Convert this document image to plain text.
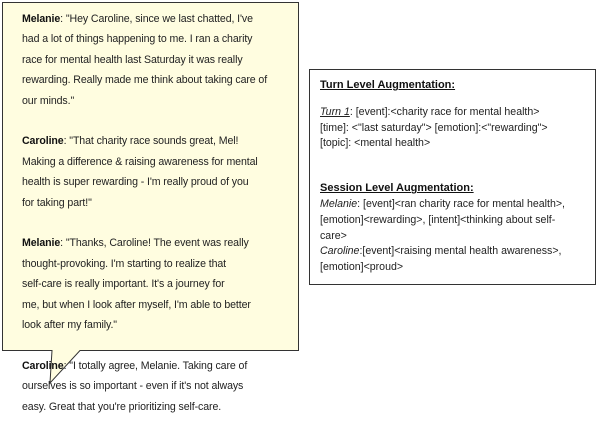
Melanie: "Hey Caroline, since we last chatted, I've
had a lot of things happening to me. I ran a charity
race for mental health last Saturday it was really
rewarding. Really made me think about taking care of
our minds."
Caroline: "That charity race sounds great, Mel!
Making a difference & raising awareness for mental
health is super rewarding - I'm really proud of you
for taking part!"
Melanie: "Thanks, Caroline! The event was really
thought-provoking. I'm starting to realize that
self-care is really important. It's a journey for
me, but when I look after myself, I'm able to better
look after my family."
Caroline: "I totally agree, Melanie. Taking care of
ourselves is so important - even if it's not always
easy. Great that you're prioritizing self-care.
Turn Level Augmentation:
Turn 1: [event]:<charity race for mental health>
[time]: <"last saturday"> [emotion]:<"rewarding">
[topic]: <mental health>
Session Level Augmentation:
Melanie: [event]<ran charity race for mental health>,
[emotion]<rewarding>, [intent]<thinking about self-
care>
Caroline:[event]<raising mental health awareness>,
[emotion]<proud>
